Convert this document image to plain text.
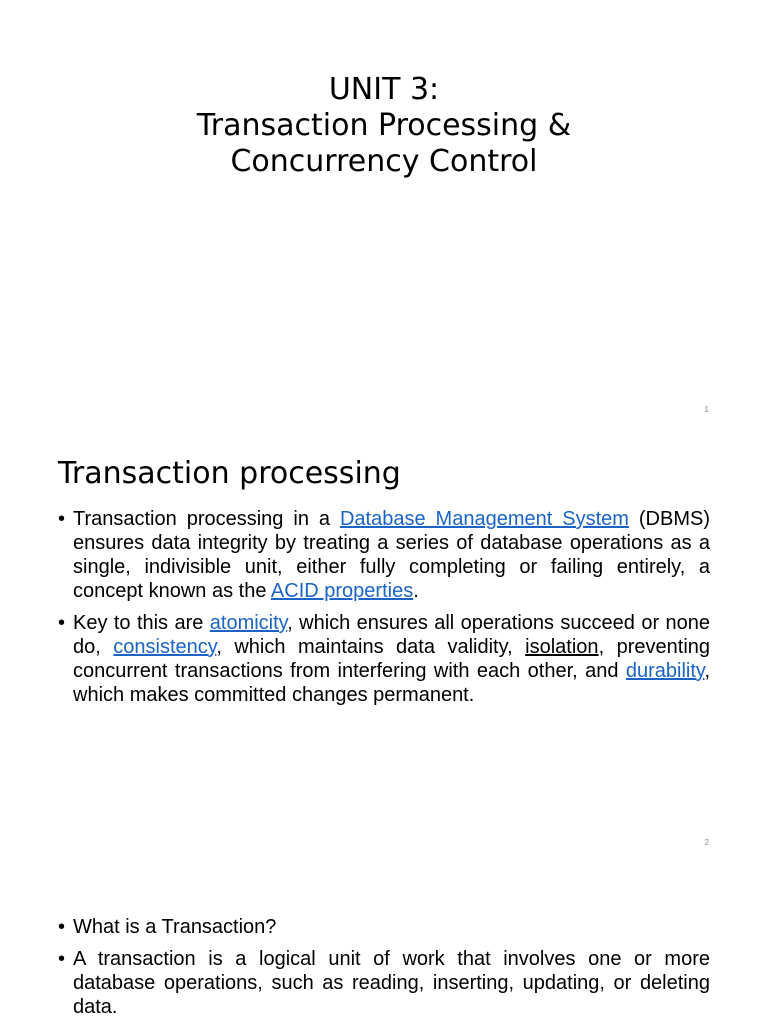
UNIT 3:
Transaction Processing &
Concurrency Control
1
Transaction processing
• Transaction processing in a Database Management System (DBMS) ensures data integrity by treating a series of database operations as a single, indivisible unit, either fully completing or failing entirely, a concept known as the ACID properties.
• Key to this are atomicity, which ensures all operations succeed or none do, consistency, which maintains data validity, isolation, preventing concurrent transactions from interfering with each other, and durability, which makes committed changes permanent.
2
• What is a Transaction?
• A transaction is a logical unit of work that involves one or more database operations, such as reading, inserting, updating, or deleting data.
